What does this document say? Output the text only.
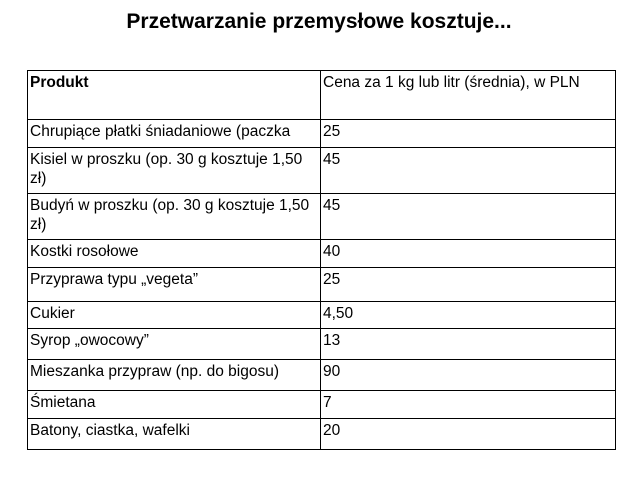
Przetwarzanie przemysłowe kosztuje...
Produkt	Cena za 1 kg lub litr (średnia), w PLN
Chrupiące płatki śniadaniowe (paczka	25
Kisiel w proszku (op. 30 g kosztuje 1,50 zł)	45
Budyń w proszku (op. 30 g kosztuje 1,50 zł)	45
Kostki rosołowe	40
Przyprawa typu „vegeta”	25
Cukier	4,50
Syrop „owocowy”	13
Mieszanka przypraw (np. do bigosu)	90
Śmietana	7
Batony, ciastka, wafelki	20
